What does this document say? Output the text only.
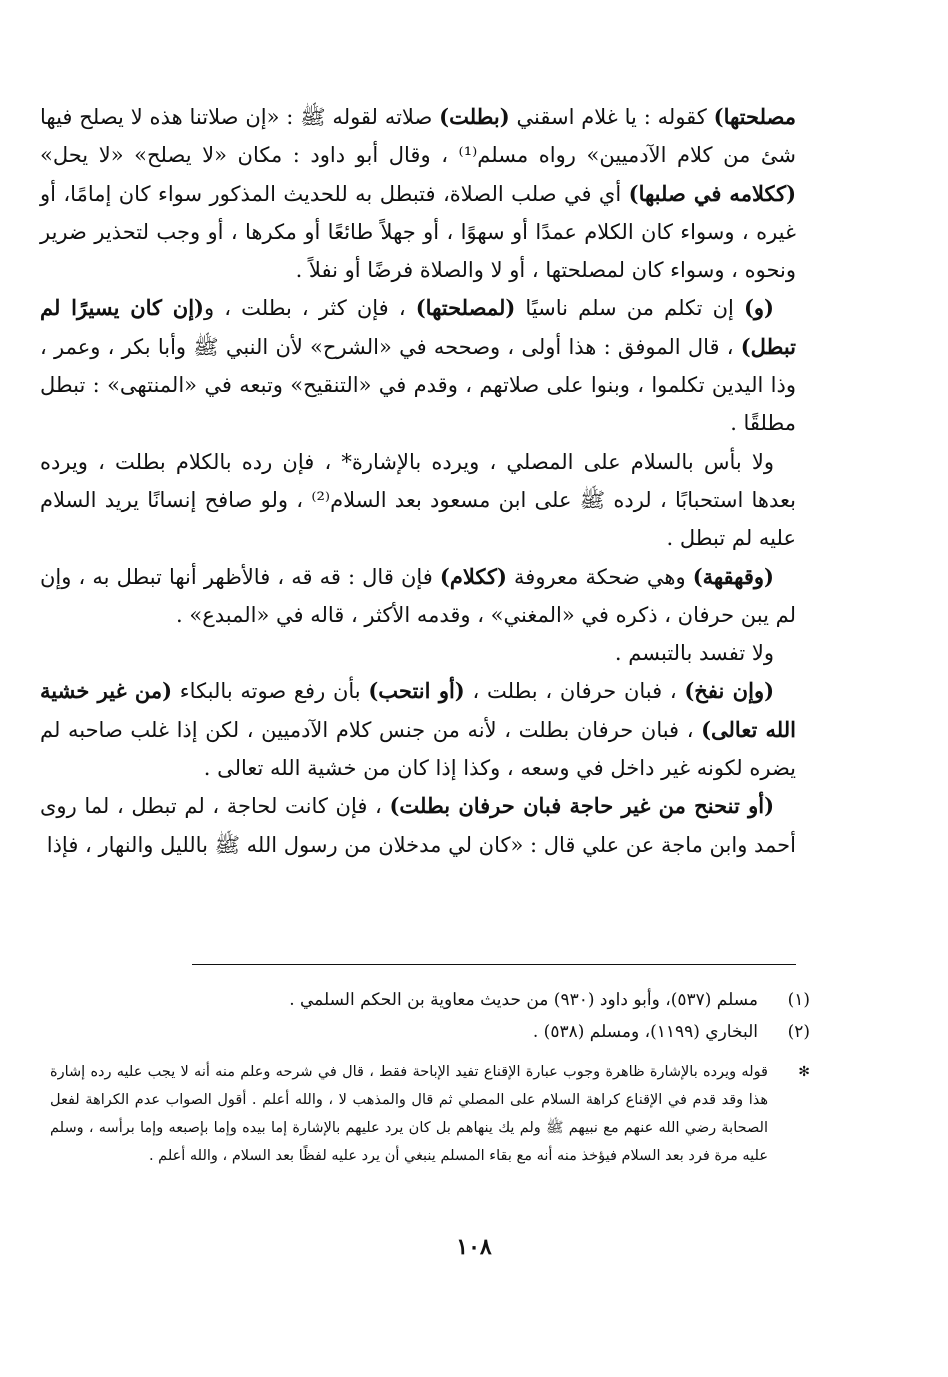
مصلحتها) كقوله : يا غلام اسقني (بطلت) صلاته لقوله ﷺ : «إن صلاتنا هذه لا يصلح فيها شئ من كلام الآدميين» رواه مسلم⁽¹⁾ ، وقال أبو داود : مكان «لا يصلح» «لا يحل» (ككلامه في صلبها) أي في صلب الصلاة، فتبطل به للحديث المذكور سواء كان إمامًا، أو غيره ، وسواء كان الكلام عمدًا أو سهوًا ، أو جهلاً طائعًا أو مكرها ، أو وجب لتحذير ضرير ونحوه ، وسواء كان لمصلحتها ، أو لا والصلاة فرضًا أو نفلاً .

(و) إن تكلم من سلم ناسيًا (لمصلحتها) ، فإن كثر ، بطلت ، و(إن كان يسيرًا لم تبطل) ، قال الموفق : هذا أولى ، وصححه في «الشرح» لأن النبي ﷺ وأبا بكر ، وعمر ، وذا اليدين تكلموا ، وبنوا على صلاتهم ، وقدم في «التنقيح» وتبعه في «المنتهى» : تبطل مطلقًا .

ولا بأس بالسلام على المصلي ، ويرده بالإشارة* ، فإن رده بالكلام بطلت ، ويرده بعدها استحبابًا ، لرده ﷺ على ابن مسعود بعد السلام⁽²⁾ ، ولو صافح إنسانًا يريد السلام عليه لم تبطل .

(وقهقهة) وهي ضحكة معروفة (ككلام) فإن قال : قه قه ، فالأظهر أنها تبطل به ، وإن لم يبن حرفان ، ذكره في «المغني» ، وقدمه الأكثر ، قاله في «المبدع» .

ولا تفسد بالتبسم .

(وإن نفخ) ، فبان حرفان ، بطلت ، (أو انتحب) بأن رفع صوته بالبكاء (من غير خشية الله تعالى) ، فبان حرفان بطلت ، لأنه من جنس كلام الآدميين ، لكن إذا غلب صاحبه لم يضره لكونه غير داخل في وسعه ، وكذا إذا كان من خشية الله تعالى .

(أو تنحنح من غير حاجة فبان حرفان بطلت) ، فإن كانت لحاجة ، لم تبطل ، لما روى أحمد وابن ماجة عن علي قال : «كان لي مدخلان من رسول الله ﷺ بالليل والنهار ، فإذا

(١)
مسلم (٥٣٧)، وأبو داود (٩٣٠) من حديث معاوية بن الحكم السلمي .
(٢)
البخاري (١١٩٩)، ومسلم (٥٣٨) .
✻
قوله ويرده بالإشارة ظاهرة وجوب عبارة الإقناع تفيد الإباحة فقط ، قال في شرحه وعلم منه أنه لا يجب عليه رده إشارة هذا وقد قدم في الإقناع كراهة السلام على المصلي ثم قال والمذهب لا ، والله أعلم . أقول الصواب عدم الكراهة لفعل الصحابة رضي الله عنهم مع نبيهم ﷺ ولم يك ينهاهم بل كان يرد عليهم بالإشارة إما بيده وإما بإصبعه وإما برأسه ، وسلم عليه مرة فرد بعد السلام فيؤخذ منه أنه مع بقاء المسلم ينبغي أن يرد عليه لفظًا بعد السلام ، والله أعلم .
١٠٨
